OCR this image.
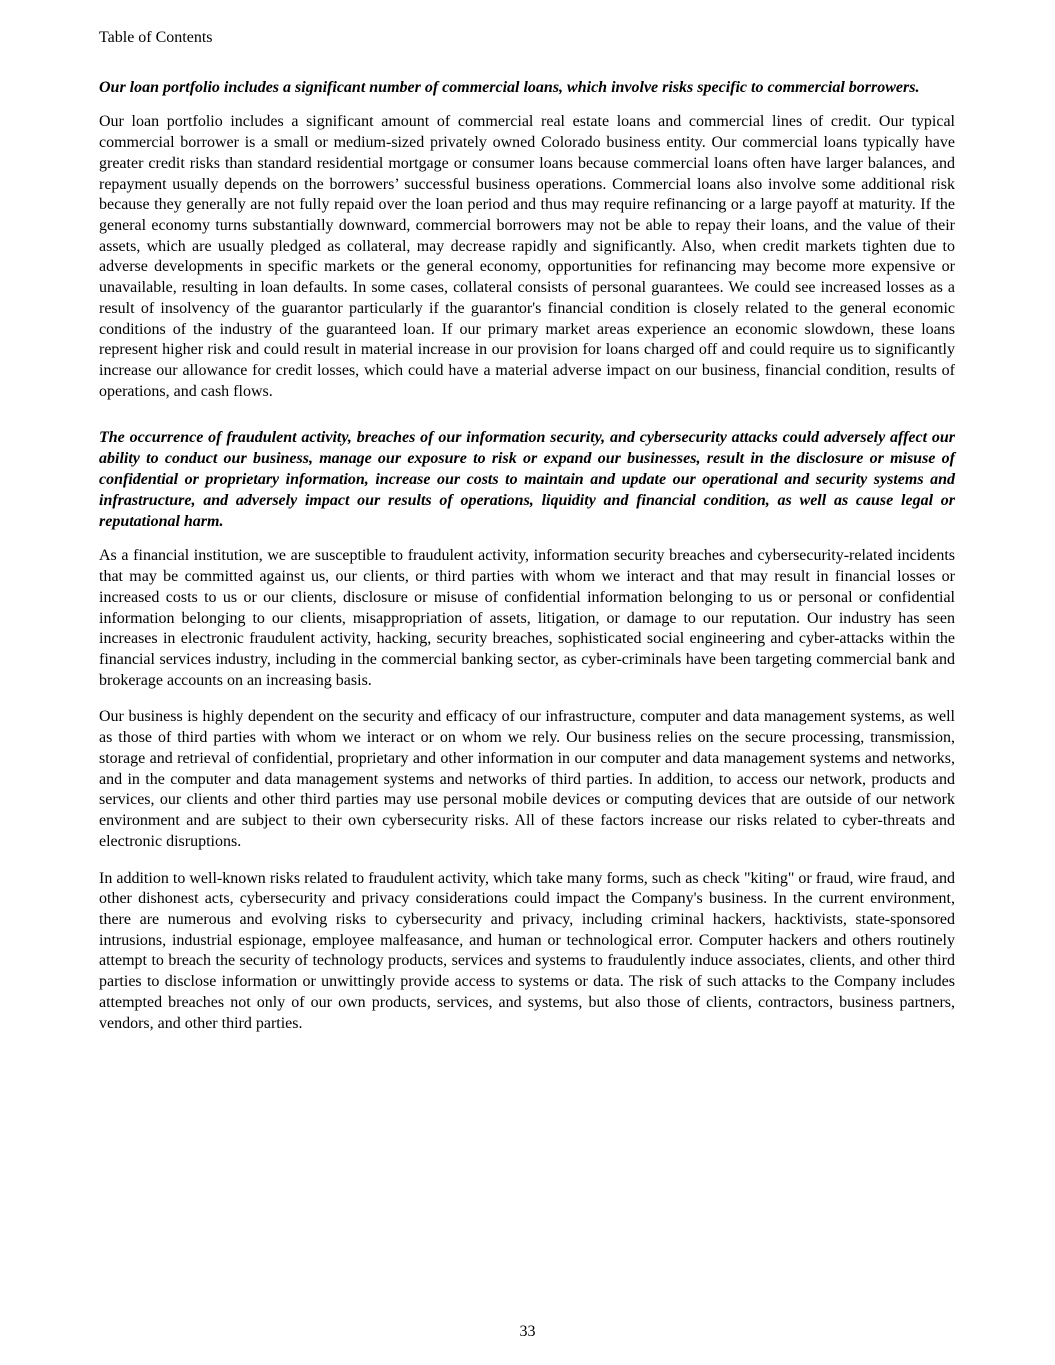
Table of Contents
Our loan portfolio includes a significant number of commercial loans, which involve risks specific to commercial borrowers.

Our loan portfolio includes a significant amount of commercial real estate loans and commercial lines of credit. Our typical commercial borrower is a small or medium-sized privately owned Colorado business entity. Our commercial loans typically have greater credit risks than standard residential mortgage or consumer loans because commercial loans often have larger balances, and repayment usually depends on the borrowers’ successful business operations. Commercial loans also involve some additional risk because they generally are not fully repaid over the loan period and thus may require refinancing or a large payoff at maturity. If the general economy turns substantially downward, commercial borrowers may not be able to repay their loans, and the value of their assets, which are usually pledged as collateral, may decrease rapidly and significantly. Also, when credit markets tighten due to adverse developments in specific markets or the general economy, opportunities for refinancing may become more expensive or unavailable, resulting in loan defaults. In some cases, collateral consists of personal guarantees. We could see increased losses as a result of insolvency of the guarantor particularly if the guarantor's financial condition is closely related to the general economic conditions of the industry of the guaranteed loan. If our primary market areas experience an economic slowdown, these loans represent higher risk and could result in material increase in our provision for loans charged off and could require us to significantly increase our allowance for credit losses, which could have a material adverse impact on our business, financial condition, results of operations, and cash flows.

The occurrence of fraudulent activity, breaches of our information security, and cybersecurity attacks could adversely affect our ability to conduct our business, manage our exposure to risk or expand our businesses, result in the disclosure or misuse of confidential or proprietary information, increase our costs to maintain and update our operational and security systems and infrastructure, and adversely impact our results of operations, liquidity and financial condition, as well as cause legal or reputational harm.

As a financial institution, we are susceptible to fraudulent activity, information security breaches and cybersecurity-related incidents that may be committed against us, our clients, or third parties with whom we interact and that may result in financial losses or increased costs to us or our clients, disclosure or misuse of confidential information belonging to us or personal or confidential information belonging to our clients, misappropriation of assets, litigation, or damage to our reputation. Our industry has seen increases in electronic fraudulent activity, hacking, security breaches, sophisticated social engineering and cyber-attacks within the financial services industry, including in the commercial banking sector, as cyber-criminals have been targeting commercial bank and brokerage accounts on an increasing basis.

Our business is highly dependent on the security and efficacy of our infrastructure, computer and data management systems, as well as those of third parties with whom we interact or on whom we rely. Our business relies on the secure processing, transmission, storage and retrieval of confidential, proprietary and other information in our computer and data management systems and networks, and in the computer and data management systems and networks of third parties. In addition, to access our network, products and services, our clients and other third parties may use personal mobile devices or computing devices that are outside of our network environment and are subject to their own cybersecurity risks. All of these factors increase our risks related to cyber-threats and electronic disruptions.

In addition to well-known risks related to fraudulent activity, which take many forms, such as check "kiting" or fraud, wire fraud, and other dishonest acts, cybersecurity and privacy considerations could impact the Company's business. In the current environment, there are numerous and evolving risks to cybersecurity and privacy, including criminal hackers, hacktivists, state-sponsored intrusions, industrial espionage, employee malfeasance, and human or technological error. Computer hackers and others routinely attempt to breach the security of technology products, services and systems to fraudulently induce associates, clients, and other third parties to disclose information or unwittingly provide access to systems or data. The risk of such attacks to the Company includes attempted breaches not only of our own products, services, and systems, but also those of clients, contractors, business partners, vendors, and other third parties.

33
